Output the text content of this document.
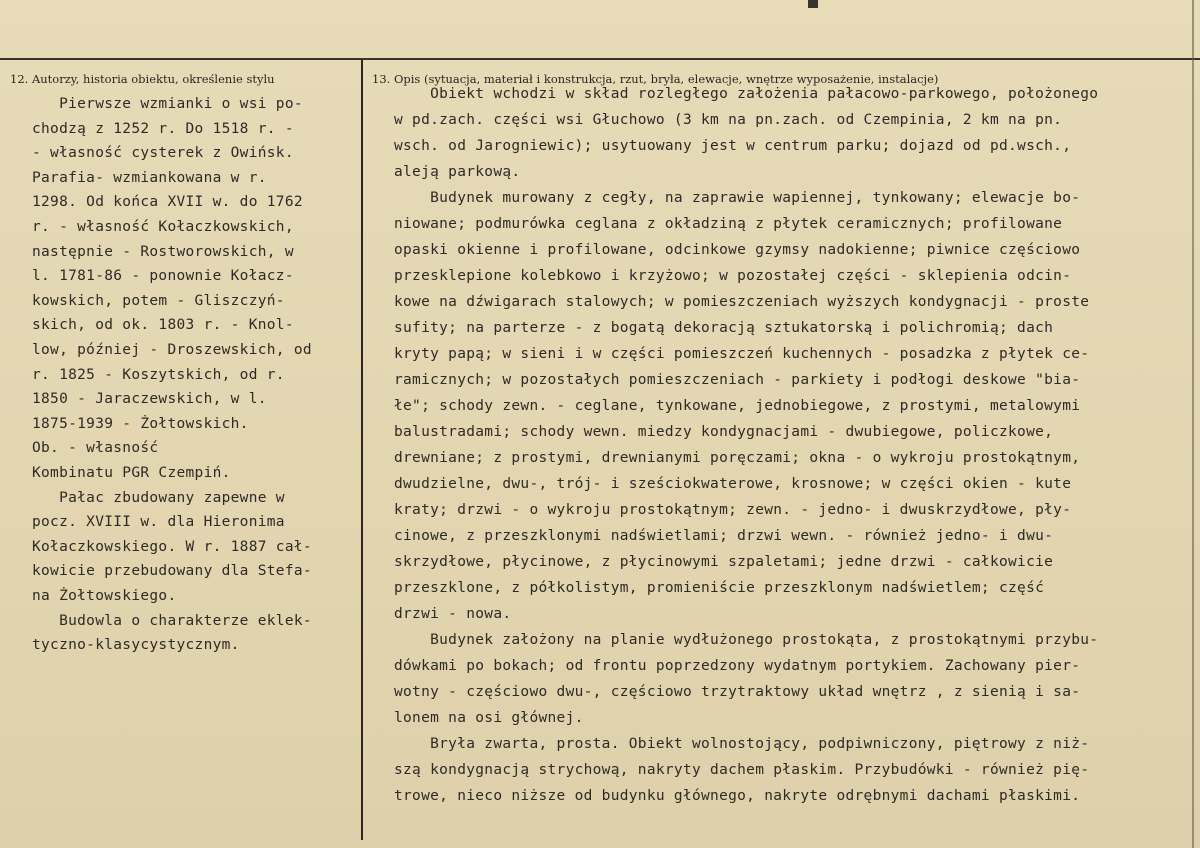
12. Autorzy, historia obiektu, określenie stylu	13. Opis (sytuacja, materiał i konstrukcja, rzut, bryła, elewacje, wnętrze wyposażenie, instalacje)
Pierwsze wzmianki o wsi po-
chodzą z 1252 r. Do 1518 r. -
- własność cysterek z Owińsk.
Parafia- wzmiankowana w r.
1298. Od końca XVII w. do 1762
r. - własność Kołaczkowskich,
następnie - Rostworowskich, w
l. 1781-86 - ponownie Kołacz-
kowskich, potem - Gliszczyń-
skich, od ok. 1803 r. - Knol-
low, później - Droszewskich, od
r. 1825 - Koszytskich, od r.
1850 - Jaraczewskich, w l.
1875-1939 - Żołtowskich.
Ob. - własność
Kombinatu PGR Czempiń.
Pałac zbudowany zapewne w
pocz. XVIII w. dla Hieronima
Kołaczkowskiego. W r. 1887 cał-
kowicie przebudowany dla Stefa-
na Żołtowskiego.
Budowla o charakterze eklek-
tyczno-klasycystycznym.
Obiekt wchodzi w skład rozległego założenia pałacowo-parkowego, położonego
w pd.zach. części wsi Głuchowo (3 km na pn.zach. od Czempinia, 2 km na pn.
wsch. od Jarogniewic); usytuowany jest w centrum parku; dojazd od pd.wsch.,
aleją parkową.
Budynek murowany z cegły, na zaprawie wapiennej, tynkowany; elewacje bo-
niowane; podmurówka ceglana z okładziną z płytek ceramicznych; profilowane
opaski okienne i profilowane, odcinkowe gzymsy nadokienne; piwnice częściowo
przesklepione kolebkowo i krzyżowo; w pozostałej części - sklepienia odcin-
kowe na dźwigarach stalowych; w pomieszczeniach wyższych kondygnacji - proste
sufity; na parterze - z bogatą dekoracją sztukatorską i polichromią; dach
kryty papą; w sieni i w części pomieszczeń kuchennych - posadzka z płytek ce-
ramicznych; w pozostałych pomieszczeniach - parkiety i podłogi deskowe "bia-
łe"; schody zewn. - ceglane, tynkowane, jednobiegowe, z prostymi, metalowymi
balustradami; schody wewn. miedzy kondygnacjami - dwubiegowe, policzkowe,
drewniane; z prostymi, drewnianymi poręczami; okna - o wykroju prostokątnym,
dwudzielne, dwu-, trój- i sześciokwaterowe, krosnowe; w części okien - kute
kraty; drzwi - o wykroju prostokątnym; zewn. - jedno- i dwuskrzydłowe, pły-
cinowe, z przeszklonymi nadświetlami; drzwi wewn. - również jedno- i dwu-
skrzydłowe, płycinowe, z płycinowymi szpaletami; jedne drzwi - całkowicie
przeszklone, z półkolistym, promieniście przeszklonym nadświetlem; część
drzwi - nowa.
Budynek założony na planie wydłużonego prostokąta, z prostokątnymi przybu-
dówkami po bokach; od frontu poprzedzony wydatnym portykiem. Zachowany pier-
wotny - częściowo dwu-, częściowo trzytraktowy układ wnętrz , z sienią i sa-
lonem na osi głównej.
Bryła zwarta, prosta. Obiekt wolnostojący, podpiwniczony, piętrowy z niż-
szą kondygnacją strychową, nakryty dachem płaskim. Przybudówki - również pię-
trowe, nieco niższe od budynku głównego, nakryte odrębnymi dachami płaskimi.
